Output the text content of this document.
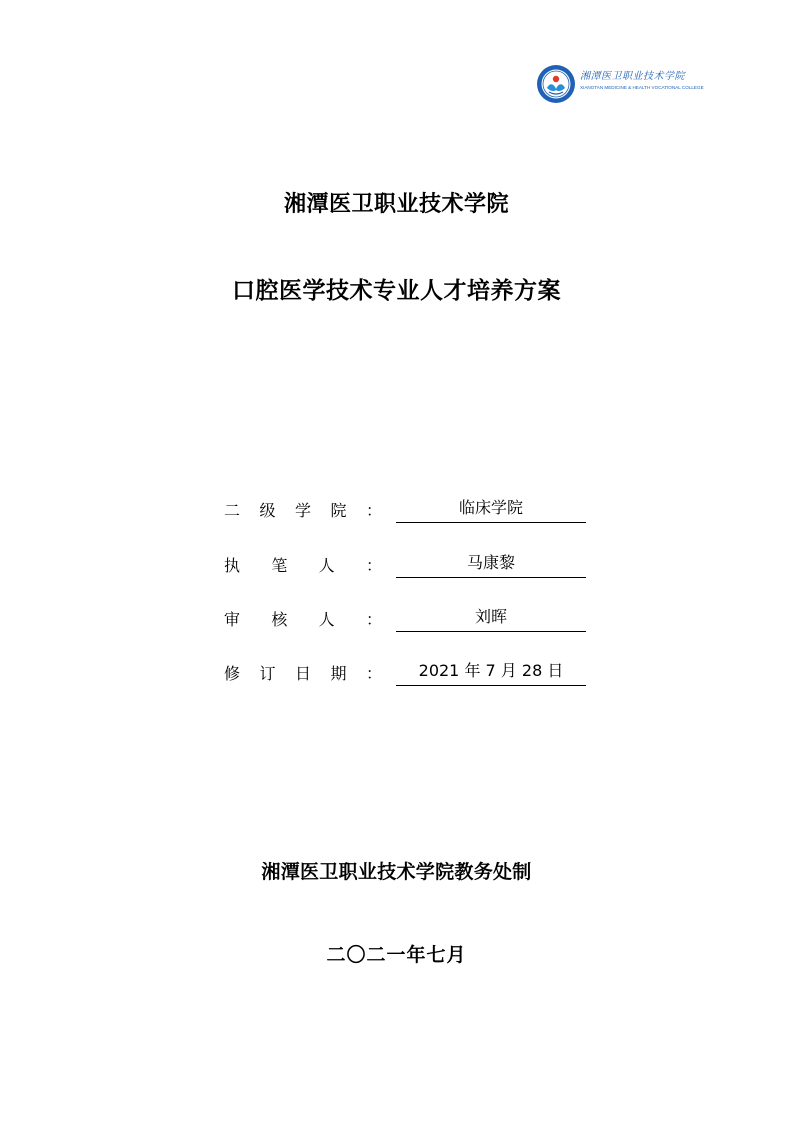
湘潭医卫职业技术学院
XIANGTAN MEDICINE & HEALTH VOCATIONAL COLLEGE
湘潭医卫职业技术学院
口腔医学技术专业人才培养方案
二 级 学 院 ：	临床学院
执 笔 人 ：	马康黎
审 核 人 ：	刘晖
修 订 日 期 ：	2021 年 7 月 28 日
湘潭医卫职业技术学院教务处制
二〇二一年七月
